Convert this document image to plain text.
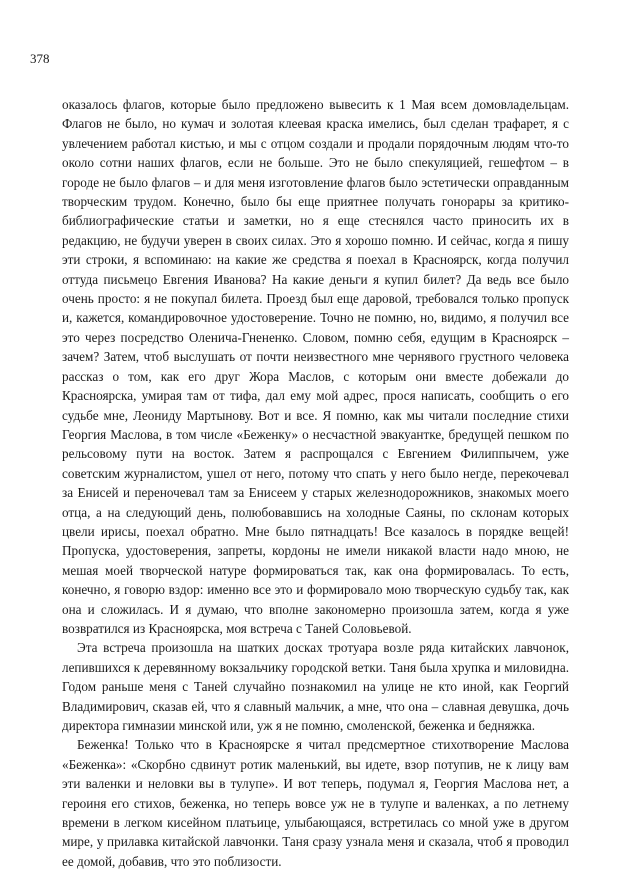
378

оказалось флагов, которые было предложено вывесить к 1 Мая всем домовладельцам. Флагов не было, но кумач и золотая клеевая краска имелись, был сделан трафарет, я с увлечением работал кистью, и мы с отцом создали и продали порядочным людям что-то около сотни наших флагов, если не больше. Это не было спекуляцией, гешефтом – в городе не было флагов – и для меня изготовление флагов было эстетически оправданным творческим трудом. Конечно, было бы еще приятнее получать гонорары за критико-библиографические статьи и заметки, но я еще стеснялся часто приносить их в редакцию, не будучи уверен в своих силах. Это я хорошо помню. И сейчас, когда я пишу эти строки, я вспоминаю: на какие же средства я поехал в Красноярск, когда получил оттуда письмецо Евгения Иванова? На какие деньги я купил билет? Да ведь все было очень просто: я не покупал билета. Проезд был еще даровой, требовался только пропуск и, кажется, командировочное удостоверение. Точно не помню, но, видимо, я получил все это через посредство Оленича-Гнененко. Словом, помню себя, едущим в Красноярск – зачем? Затем, чтоб выслушать от почти неизвестного мне чернявого грустного человека рассказ о том, как его друг Жора Маслов, с которым они вместе добежали до Красноярска, умирая там от тифа, дал ему мой адрес, прося написать, сообщить о его судьбе мне, Леониду Мартынову. Вот и все. Я помню, как мы читали последние стихи Георгия Маслова, в том числе «Беженку» о несчастной эвакуантке, бредущей пешком по рельсовому пути на восток. Затем я распрощался с Евгением Филиппычем, уже советским журналистом, ушел от него, потому что спать у него было негде, перекочевал за Енисей и переночевал там за Енисеем у старых железнодорожников, знакомых моего отца, а на следующий день, полюбовавшись на холодные Саяны, по склонам которых цвели ирисы, поехал обратно. Мне было пятнадцать! Все казалось в порядке вещей! Пропуска, удостоверения, запреты, кордоны не имели никакой власти надо мною, не мешая моей творческой натуре формироваться так, как она формировалась. То есть, конечно, я говорю вздор: именно все это и формировало мою творческую судьбу так, как она и сложилась. И я думаю, что вполне закономерно произошла затем, когда я уже возвратился из Красноярска, моя встреча с Таней Соловьевой.

Эта встреча произошла на шатких досках тротуара возле ряда китайских лавчонок, лепившихся к деревянному вокзальчику городской ветки. Таня была хрупка и миловидна. Годом раньше меня с Таней случайно познакомил на улице не кто иной, как Георгий Владимирович, сказав ей, что я славный мальчик, а мне, что она – славная девушка, дочь директора гимназии минской или, уж я не помню, смоленской, беженка и бедняжка.

Беженка! Только что в Красноярске я читал предсмертное стихотворение Маслова «Беженка»: «Скорбно сдвинут ротик маленький, вы идете, взор потупив, не к лицу вам эти валенки и неловки вы в тулупе». И вот теперь, подумал я, Георгия Маслова нет, а героиня его стихов, беженка, но теперь вовсе уж не в тулупе и валенках, а по летнему времени в легком кисейном платьице, улыбающаяся, встретилась со мной уже в другом мире, у прилавка китайской лавчонки. Таня сразу узнала меня и сказала, чтоб я проводил ее домой, добавив, что это поблизости.
